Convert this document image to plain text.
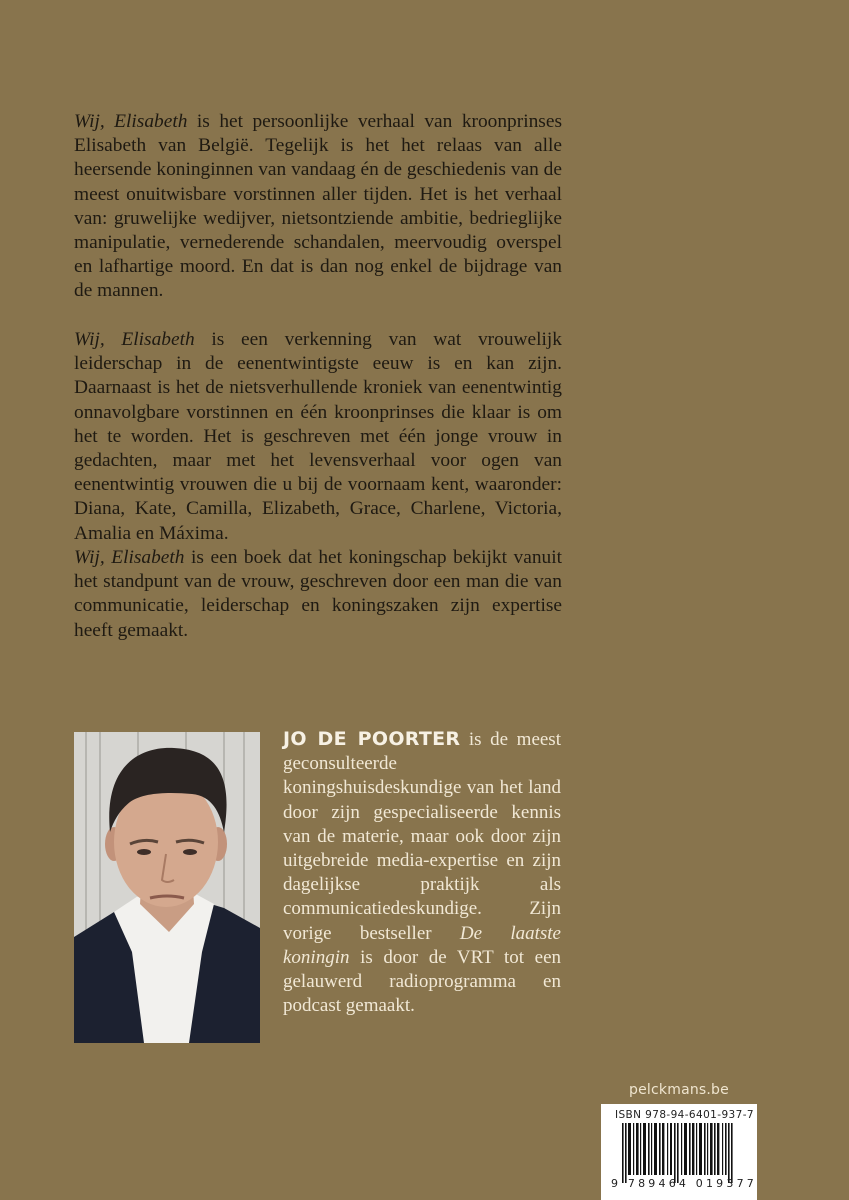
Wij, Elisabeth is het persoonlijke verhaal van kroonprinses Elisabeth van België. Tegelijk is het het relaas van alle heersende koninginnen van vandaag én de geschiedenis van de meest onuitwisbare vorstinnen aller tijden. Het is het verhaal van: gruwelijke wedijver, nietsontziende ambitie, bedrieglijke manipulatie, vernederende schandalen, meervoudig overspel en lafhartige moord. En dat is dan nog enkel de bijdrage van de mannen.

Wij, Elisabeth is een verkenning van wat vrouwelijk leiderschap in de eenentwintigste eeuw is en kan zijn. Daarnaast is het de nietsverhullende kroniek van eenentwintig onnavolgbare vorstinnen en één kroonprinses die klaar is om het te worden. Het is geschreven met één jonge vrouw in gedachten, maar met het levensverhaal voor ogen van eenentwintig vrouwen die u bij de voornaam kent, waaronder: Diana, Kate, Camilla, Elizabeth, Grace, Charlene, Victoria, Amalia en Máxima.

Wij, Elisabeth is een boek dat het koningschap bekijkt vanuit het standpunt van de vrouw, geschreven door een man die van communicatie, leiderschap en koningszaken zijn expertise heeft gemaakt.

JO DE POORTER is de meest geconsulteerde koningshuisdeskundige van het land door zijn gespecialiseerde kennis van de materie, maar ook door zijn uitgebreide media-expertise en zijn dagelijkse praktijk als communicatiedeskundige. Zijn vorige bestseller De laatste koningin is door de VRT tot een gelauwerd radioprogramma en podcast gemaakt.

pelckmans.be
ISBN 978-94-6401-937-7
9 789464 019377
